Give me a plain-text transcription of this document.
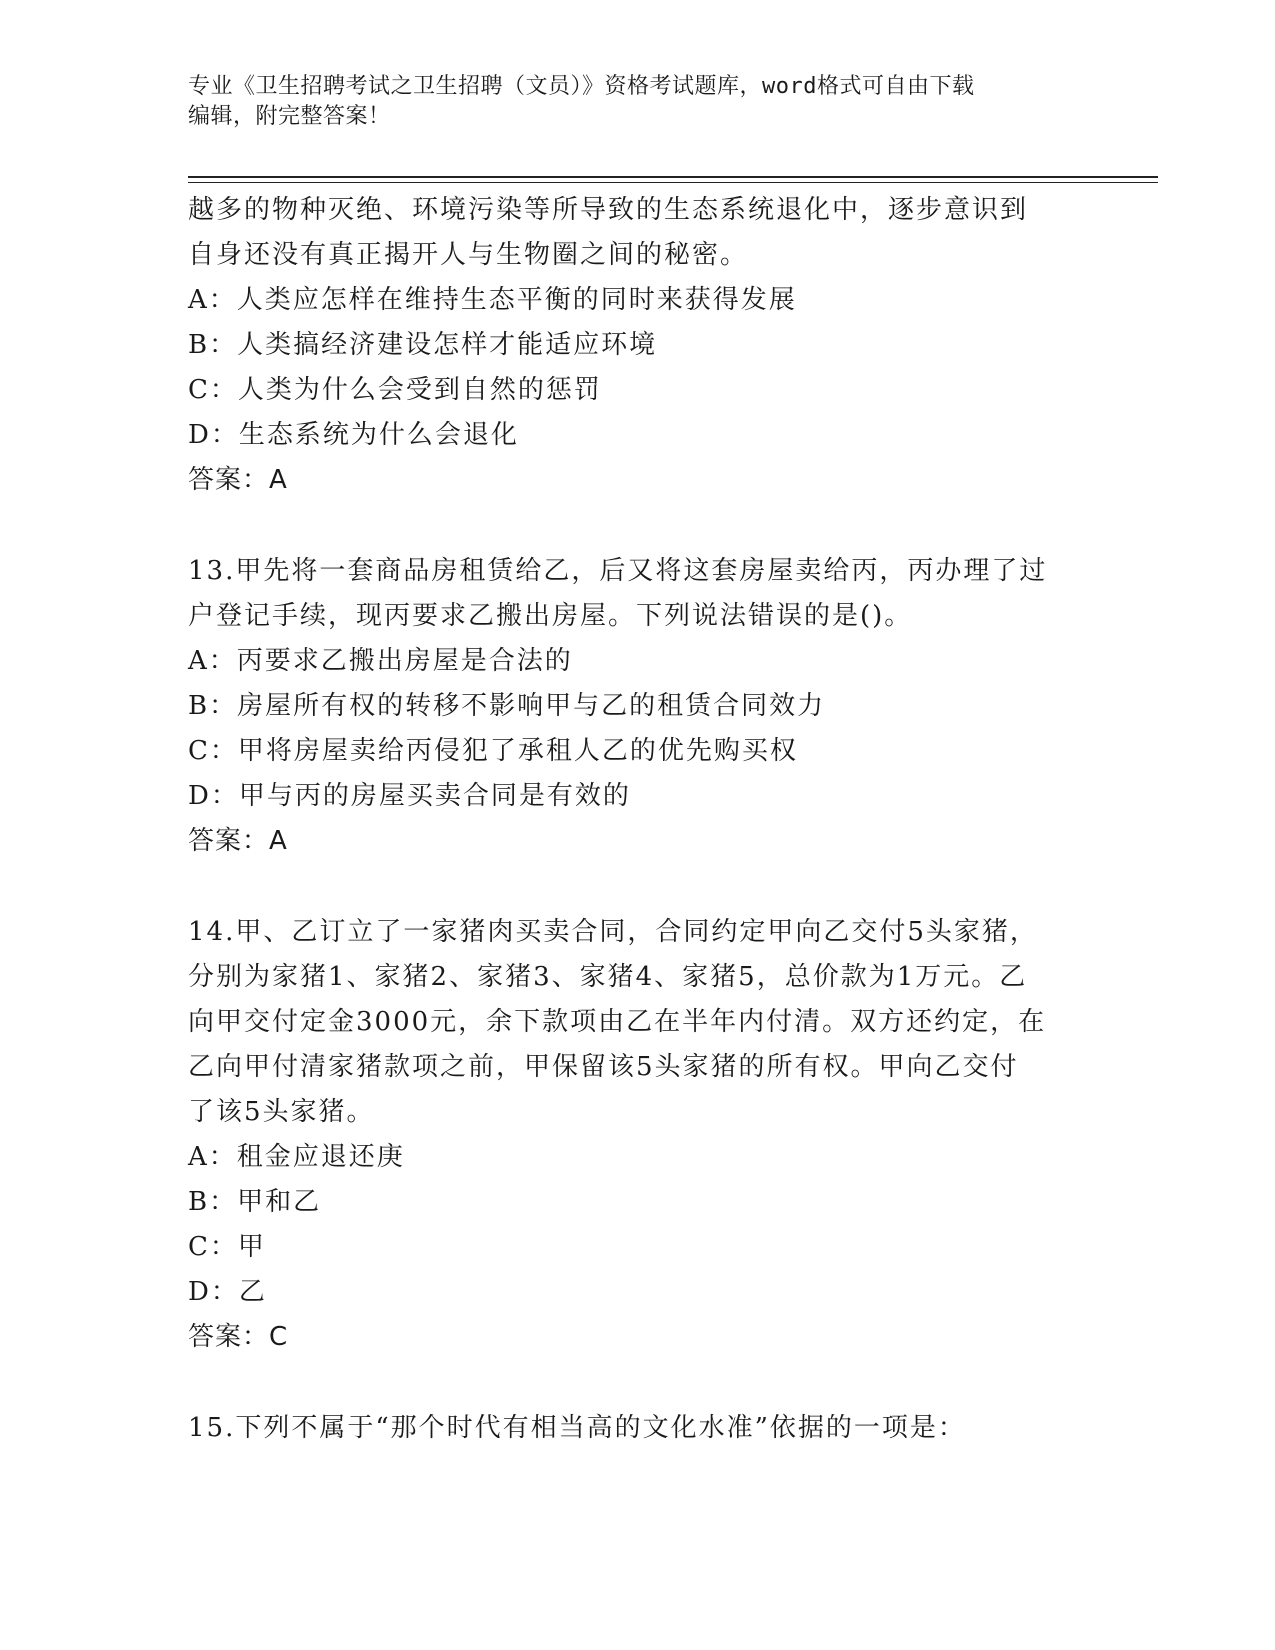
专业《卫生招聘考试之卫生招聘（文员）》资格考试题库，word格式可自由下载
编辑，附完整答案！
越多的物种灭绝、环境污染等所导致的生态系统退化中，逐步意识到
自身还没有真正揭开人与生物圈之间的秘密。
A：人类应怎样在维持生态平衡的同时来获得发展
B：人类搞经济建设怎样才能适应环境
C：人类为什么会受到自然的惩罚
D：生态系统为什么会退化
答案：A
13.甲先将一套商品房租赁给乙，后又将这套房屋卖给丙，丙办理了过
户登记手续，现丙要求乙搬出房屋。下列说法错误的是()。
A：丙要求乙搬出房屋是合法的
B：房屋所有权的转移不影响甲与乙的租赁合同效力
C：甲将房屋卖给丙侵犯了承租人乙的优先购买权
D：甲与丙的房屋买卖合同是有效的
答案：A
14.甲、乙订立了一家猪肉买卖合同，合同约定甲向乙交付5头家猪，
分别为家猪1、家猪2、家猪3、家猪4、家猪5，总价款为1万元。乙
向甲交付定金3000元，余下款项由乙在半年内付清。双方还约定，在
乙向甲付清家猪款项之前，甲保留该5头家猪的所有权。甲向乙交付
了该5头家猪。
A：租金应退还庚
B：甲和乙
C：甲
D：乙
答案：C
15.下列不属于“那个时代有相当高的文化水准”依据的一项是：
